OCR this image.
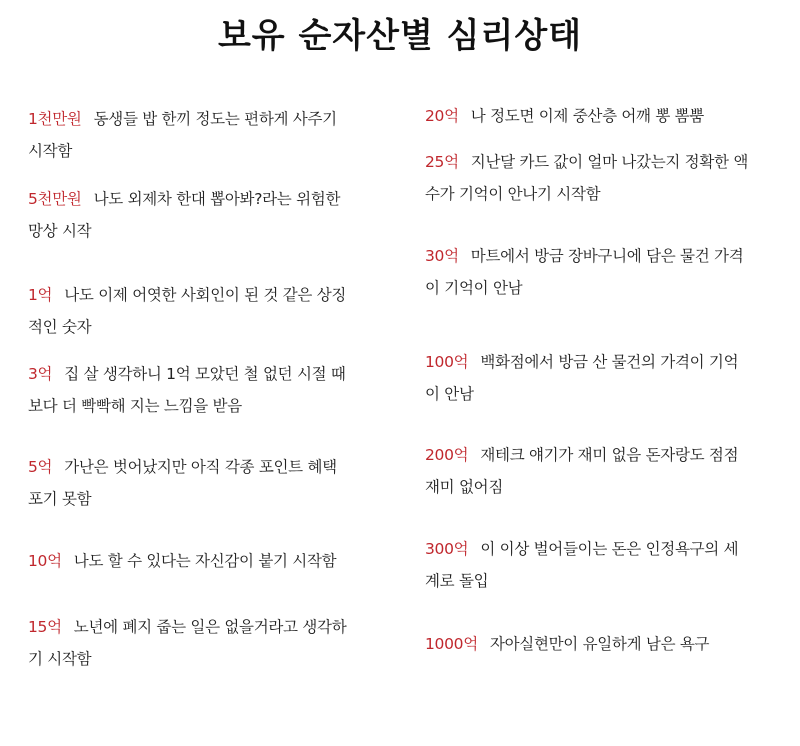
보유 순자산별 심리상태
1천만원 동생들 밥 한끼 정도는 편하게 사주기
시작함
5천만원 나도 외제차 한대 뽑아봐?라는 위험한
망상 시작
1억 나도 이제 어엿한 사회인이 된 것 같은 상징
적인 숫자
3억 집 살 생각하니 1억 모았던 철 없던 시절 때
보다 더 빡빡해 지는 느낌을 받음
5억 가난은 벗어났지만 아직 각종 포인트 혜택
포기 못함
10억 나도 할 수 있다는 자신감이 붙기 시작함
15억 노년에 폐지 줍는 일은 없을거라고 생각하
기 시작함
20억 나 정도면 이제 중산층 어깨 뽕 뽐뿜
25억 지난달 카드 값이 얼마 나갔는지 정확한 액
수가 기억이 안나기 시작함
30억 마트에서 방금 장바구니에 담은 물건 가격
이 기억이 안남
100억 백화점에서 방금 산 물건의 가격이 기억
이 안남
200억 재테크 얘기가 재미 없음 돈자랑도 점점
재미 없어짐
300억 이 이상 벌어들이는 돈은 인정욕구의 세
계로 돌입
1000억 자아실현만이 유일하게 남은 욕구
